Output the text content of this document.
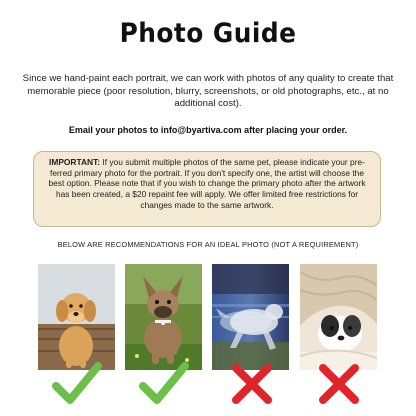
Photo Guide
Since we hand-paint each portrait, we can work with photos of any quality to create that memorable piece (poor resolution, blurry, screenshots, or old photographs, etc., at no additional cost).
Email your photos to info@byartiva.com after placing your order.
IMPORTANT: If you submit multiple photos of the same pet, please indicate your pre-ferred primary photo for the portrait. If you don't specify one, the artist will choose the best option. Please note that if you wish to change the primary photo after the artwork has been created, a $20 repaint fee will apply. We offer limited free restrictions for changes made to the same artwork.
BELOW ARE RECOMMENDATIONS FOR AN IDEAL PHOTO (NOT A REQUIREMENT)
